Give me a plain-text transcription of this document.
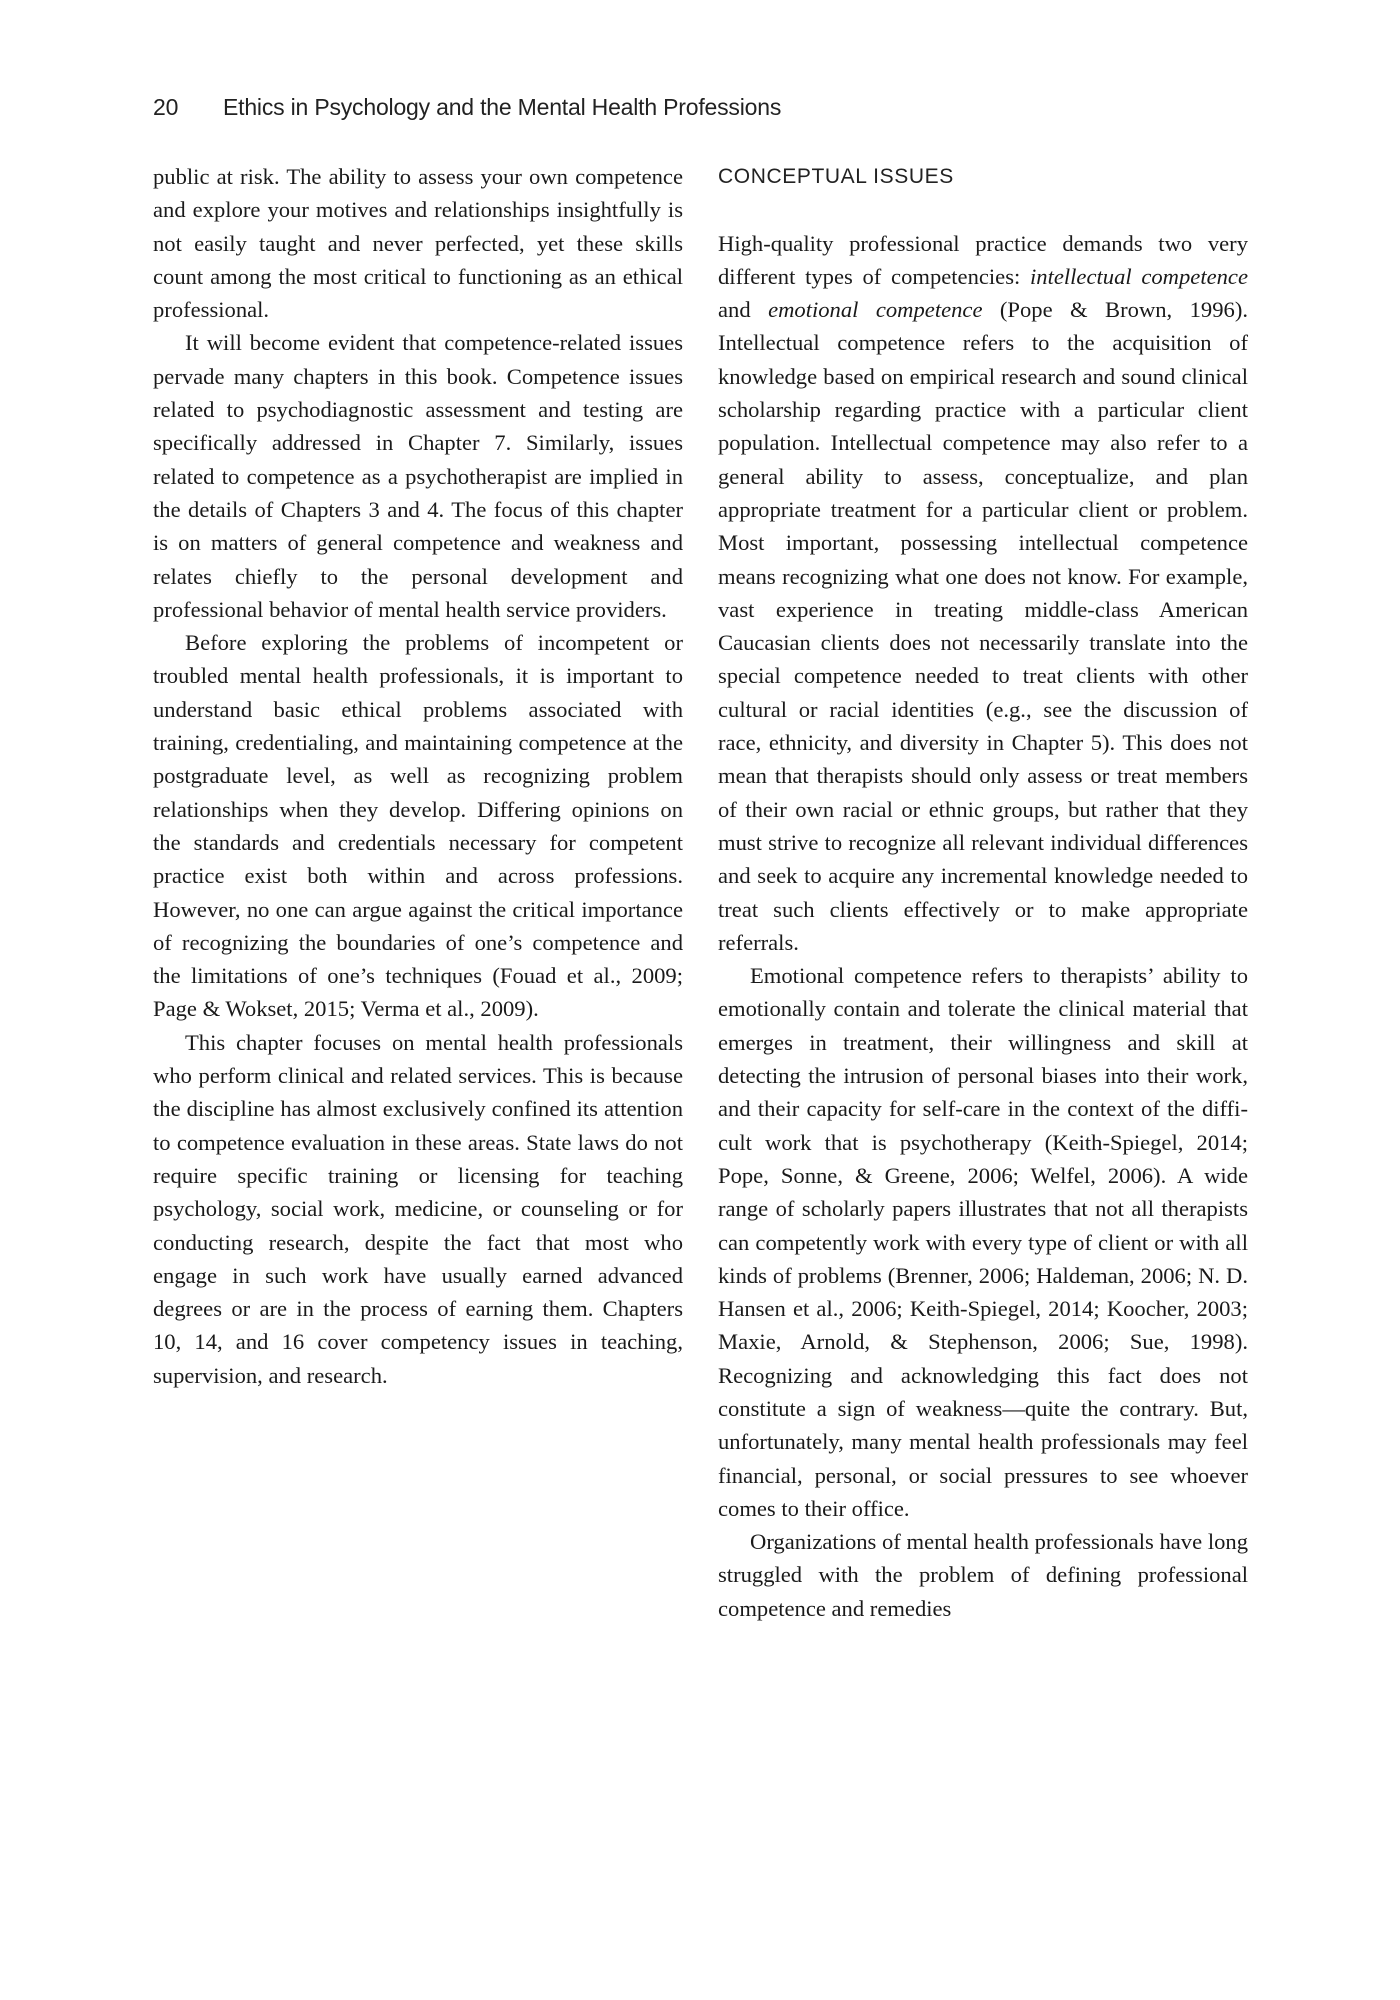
20 Ethics in Psychology and the Mental Health Professions

public at risk. The ability to assess your own competence and explore your motives and relationships insightfully is not easily taught and never perfected, yet these skills count among the most critical to functioning as an ethical professional.

It will become evident that competence-related issues pervade many chapters in this book. Competence issues related to psychodiagnostic assessment and testing are specifically addressed in Chapter 7. Similarly, issues related to competence as a psychotherapist are implied in the details of Chapters 3 and 4. The focus of this chapter is on matters of general competence and weakness and relates chiefly to the personal development and professional behavior of mental health service providers.

Before exploring the problems of incompetent or troubled mental health professionals, it is important to understand basic ethical problems associated with training, credentialing, and maintaining competence at the postgraduate level, as well as recognizing problem relationships when they develop. Differing opinions on the standards and credentials necessary for competent practice exist both within and across professions. However, no one can argue against the critical importance of recognizing the boundaries of one’s competence and the limitations of one’s techniques (Fouad et al., 2009; Page & Wokset, 2015; Verma et al., 2009).

This chapter focuses on mental health professionals who perform clinical and related services. This is because the discipline has almost exclusively confined its attention to competence evaluation in these areas. State laws do not require specific training or licensing for teaching psychology, social work, medicine, or counseling or for conducting research, despite the fact that most who engage in such work have usually earned advanced degrees or are in the process of earning them. Chapters 10, 14, and 16 cover competency issues in teaching, supervision, and research.

CONCEPTUAL ISSUES

High-quality professional practice demands two very different types of competencies: intellectual competence and emotional competence (Pope & Brown, 1996). Intellectual competence refers to the acquisition of knowledge based on empirical research and sound clinical scholarship regarding practice with a particular client population. Intellectual competence may also refer to a general ability to assess, conceptualize, and plan appropriate treatment for a particular client or problem. Most important, possessing intellectual competence means recognizing what one does not know. For example, vast experience in treating middle-class American Caucasian clients does not necessarily translate into the special competence needed to treat clients with other cultural or racial identities (e.g., see the discussion of race, ethnicity, and diversity in Chapter 5). This does not mean that therapists should only assess or treat members of their own racial or ethnic groups, but rather that they must strive to recognize all relevant individual differences and seek to acquire any incremental knowledge needed to treat such clients effectively or to make appropriate referrals.

Emotional competence refers to therapists’ ability to emotionally contain and tolerate the clinical material that emerges in treatment, their willingness and skill at detecting the intrusion of personal biases into their work, and their capacity for self-care in the context of the difficult work that is psychotherapy (Keith-Spiegel, 2014; Pope, Sonne, & Greene, 2006; Welfel, 2006). A wide range of scholarly papers illustrates that not all therapists can competently work with every type of client or with all kinds of problems (Brenner, 2006; Haldeman, 2006; N. D. Hansen et al., 2006; Keith-Spiegel, 2014; Koocher, 2003; Maxie, Arnold, & Stephenson, 2006; Sue, 1998). Recognizing and acknowledging this fact does not constitute a sign of weakness—quite the contrary. But, unfortunately, many mental health professionals may feel financial, personal, or social pressures to see whoever comes to their office.

Organizations of mental health professionals have long struggled with the problem of defining professional competence and remedies
